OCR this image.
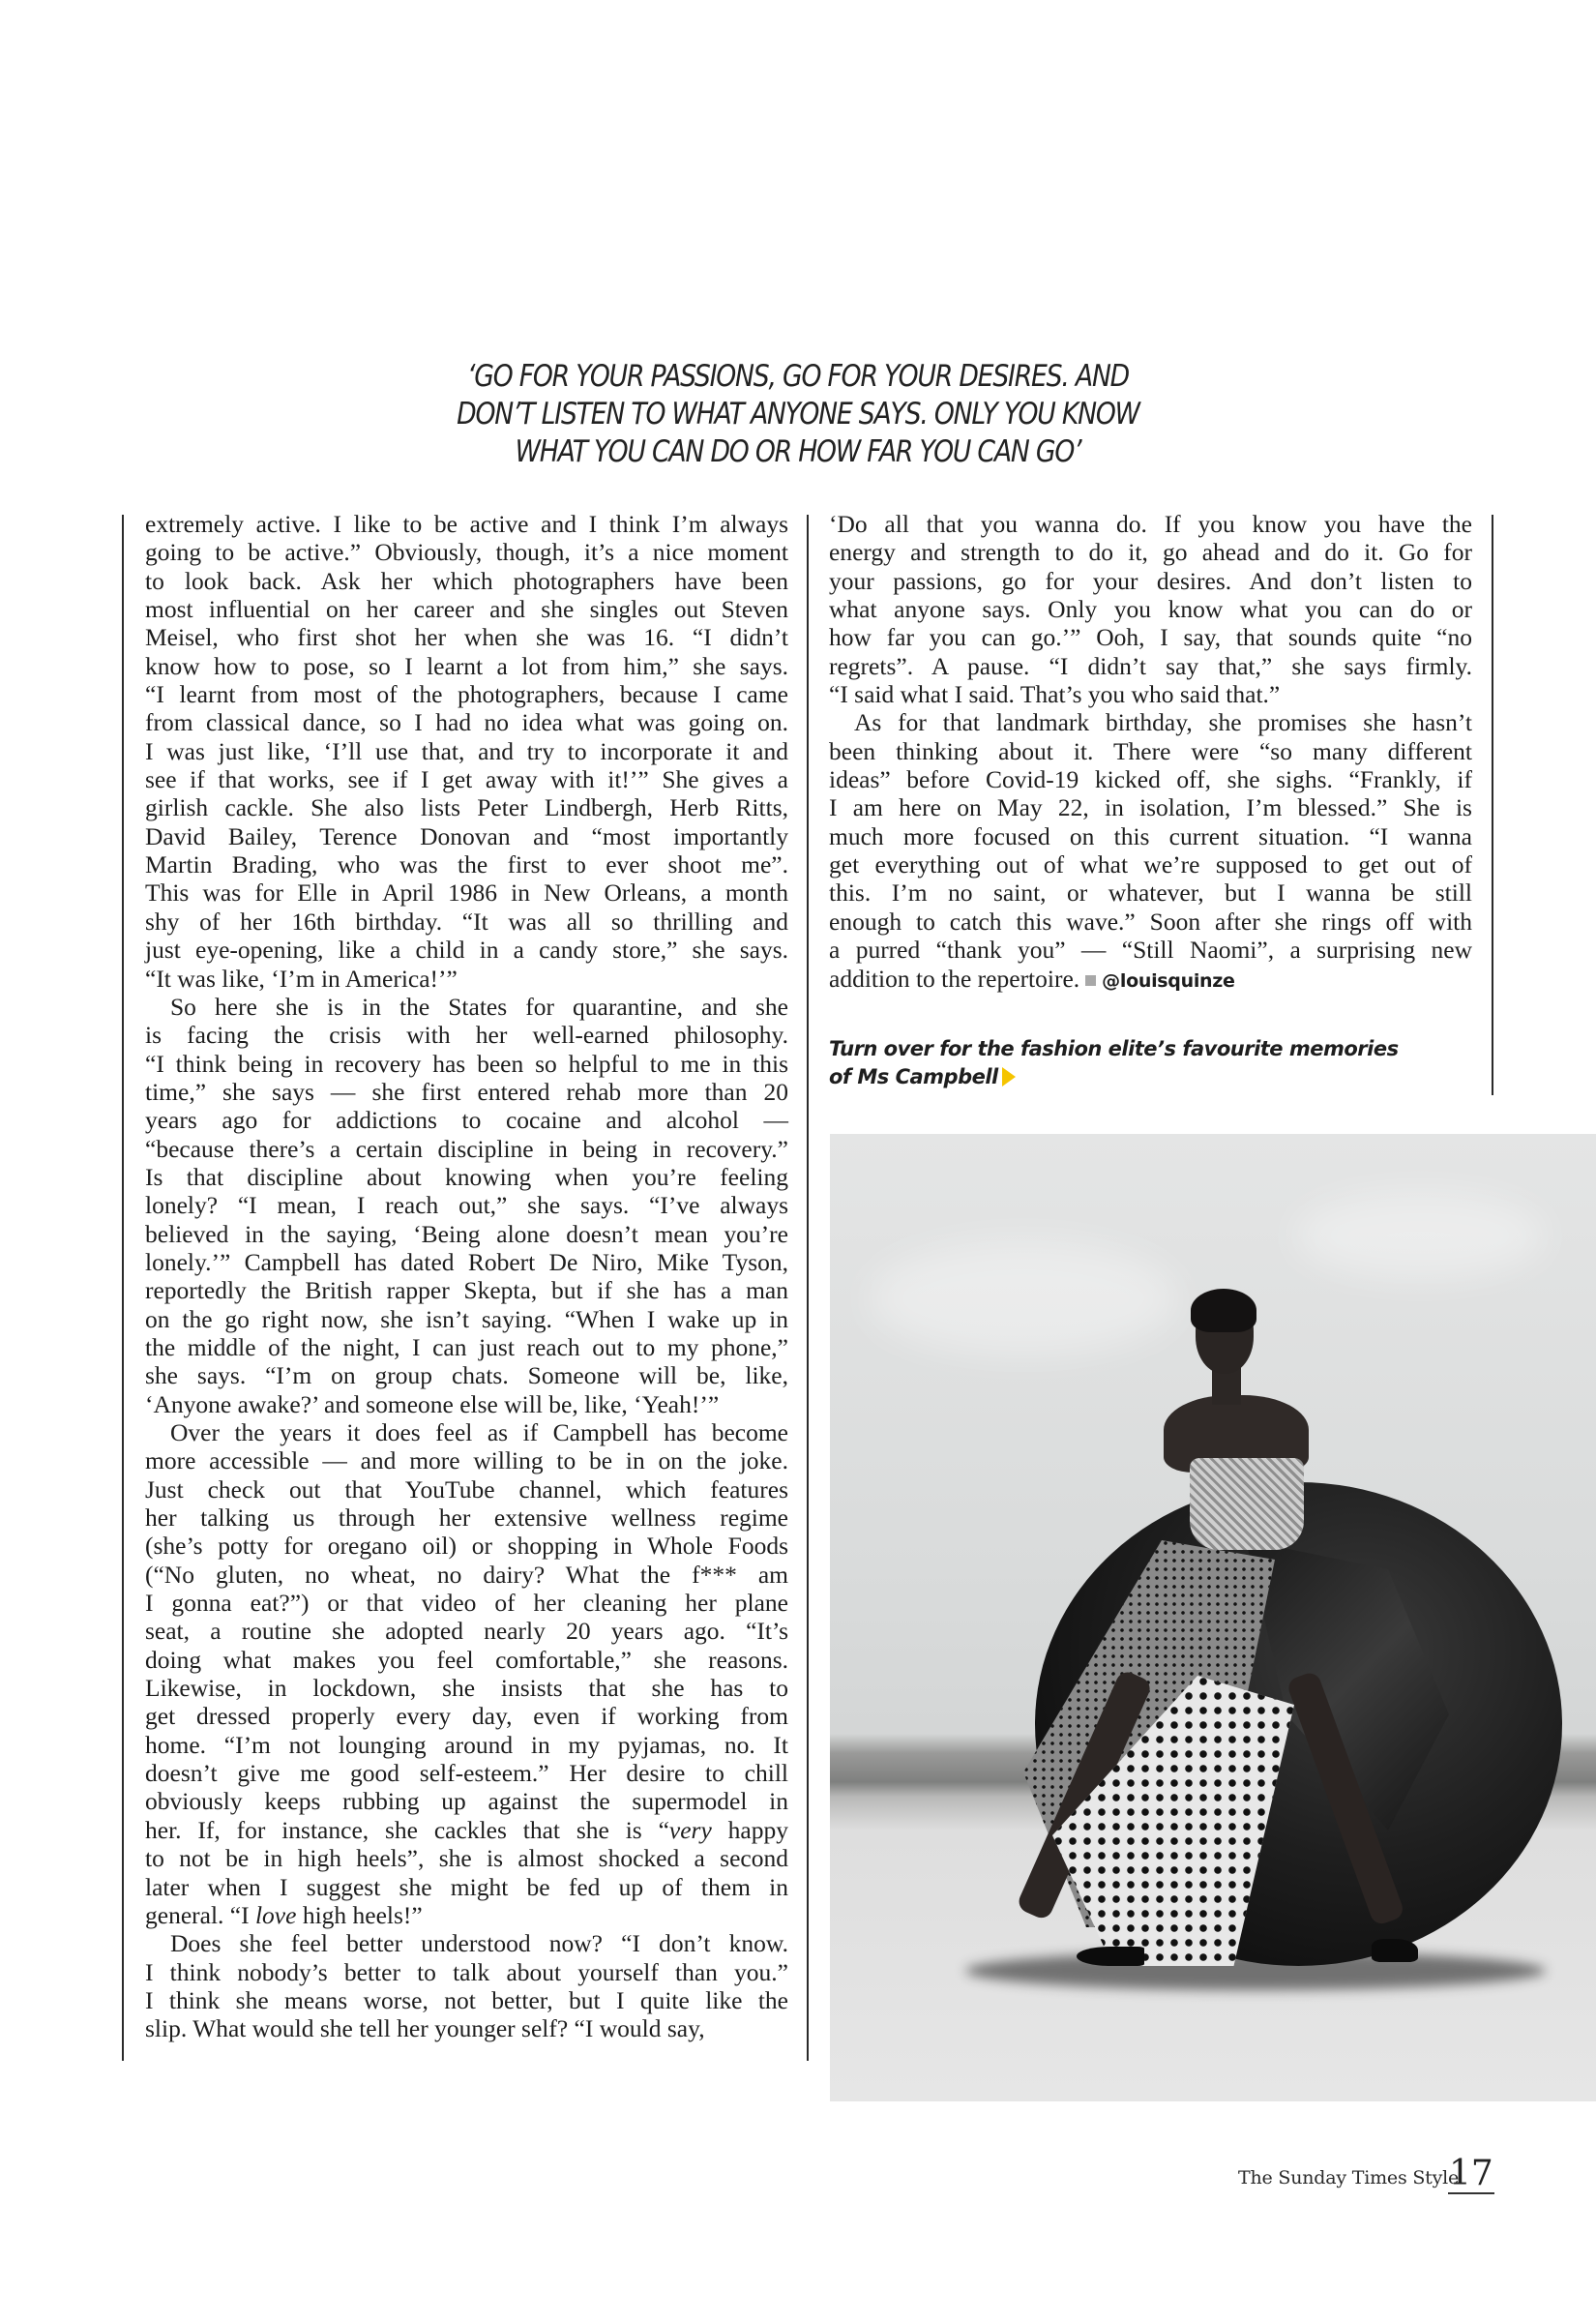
‘GO FOR YOUR PASSIONS, GO FOR YOUR DESIRES. AND
DON’T LISTEN TO WHAT ANYONE SAYS. ONLY YOU KNOW
WHAT YOU CAN DO OR HOW FAR YOU CAN GO’
extremely active. I like to be active and I think I’m always
going to be active.” Obviously, though, it’s a nice moment
to look back. Ask her which photographers have been
most influential on her career and she singles out Steven
Meisel, who first shot her when she was 16. “I didn’t
know how to pose, so I learnt a lot from him,” she says.
“I learnt from most of the photographers, because I came
from classical dance, so I had no idea what was going on.
I was just like, ‘I’ll use that, and try to incorporate it and
see if that works, see if I get away with it!’” She gives a
girlish cackle. She also lists Peter Lindbergh, Herb Ritts,
David Bailey, Terence Donovan and “most importantly
Martin Brading, who was the first to ever shoot me”.
This was for Elle in April 1986 in New Orleans, a month
shy of her 16th birthday. “It was all so thrilling and
just eye-opening, like a child in a candy store,” she says.
“It was like, ‘I’m in America!’”
So here she is in the States for quarantine, and she
is facing the crisis with her well-earned philosophy.
“I think being in recovery has been so helpful to me in this
time,” she says — she first entered rehab more than 20
years ago for addictions to cocaine and alcohol —
“because there’s a certain discipline in being in recovery.”
Is that discipline about knowing when you’re feeling
lonely? “I mean, I reach out,” she says. “I’ve always
believed in the saying, ‘Being alone doesn’t mean you’re
lonely.’” Campbell has dated Robert De Niro, Mike Tyson,
reportedly the British rapper Skepta, but if she has a man
on the go right now, she isn’t saying. “When I wake up in
the middle of the night, I can just reach out to my phone,”
she says. “I’m on group chats. Someone will be, like,
‘Anyone awake?’ and someone else will be, like, ‘Yeah!’”
Over the years it does feel as if Campbell has become
more accessible — and more willing to be in on the joke.
Just check out that YouTube channel, which features
her talking us through her extensive wellness regime
(she’s potty for oregano oil) or shopping in Whole Foods
(“No gluten, no wheat, no dairy? What the f*** am
I gonna eat?”) or that video of her cleaning her plane
seat, a routine she adopted nearly 20 years ago. “It’s
doing what makes you feel comfortable,” she reasons.
Likewise, in lockdown, she insists that she has to
get dressed properly every day, even if working from
home. “I’m not lounging around in my pyjamas, no. It
doesn’t give me good self-esteem.” Her desire to chill
obviously keeps rubbing up against the supermodel in
her. If, for instance, she cackles that she is “very happy
to not be in high heels”, she is almost shocked a second
later when I suggest she might be fed up of them in
general. “I love high heels!”
Does she feel better understood now? “I don’t know.
I think nobody’s better to talk about yourself than you.”
I think she means worse, not better, but I quite like the
slip. What would she tell her younger self? “I would say,
‘Do all that you wanna do. If you know you have the
energy and strength to do it, go ahead and do it. Go for
your passions, go for your desires. And don’t listen to
what anyone says. Only you know what you can do or
how far you can go.’” Ooh, I say, that sounds quite “no
regrets”. A pause. “I didn’t say that,” she says firmly.
“I said what I said. That’s you who said that.”
As for that landmark birthday, she promises she hasn’t
been thinking about it. There were “so many different
ideas” before Covid-19 kicked off, she sighs. “Frankly, if
I am here on May 22, in isolation, I’m blessed.” She is
much more focused on this current situation. “I wanna
get everything out of what we’re supposed to get out of
this. I’m no saint, or whatever, but I wanna be still
enough to catch this wave.” Soon after she rings off with
a purred “thank you” — “Still Naomi”, a surprising new
addition to the repertoire. @louisquinze
Turn over for the fashion elite’s favourite memories
of Ms Campbell
The Sunday Times Style
17
